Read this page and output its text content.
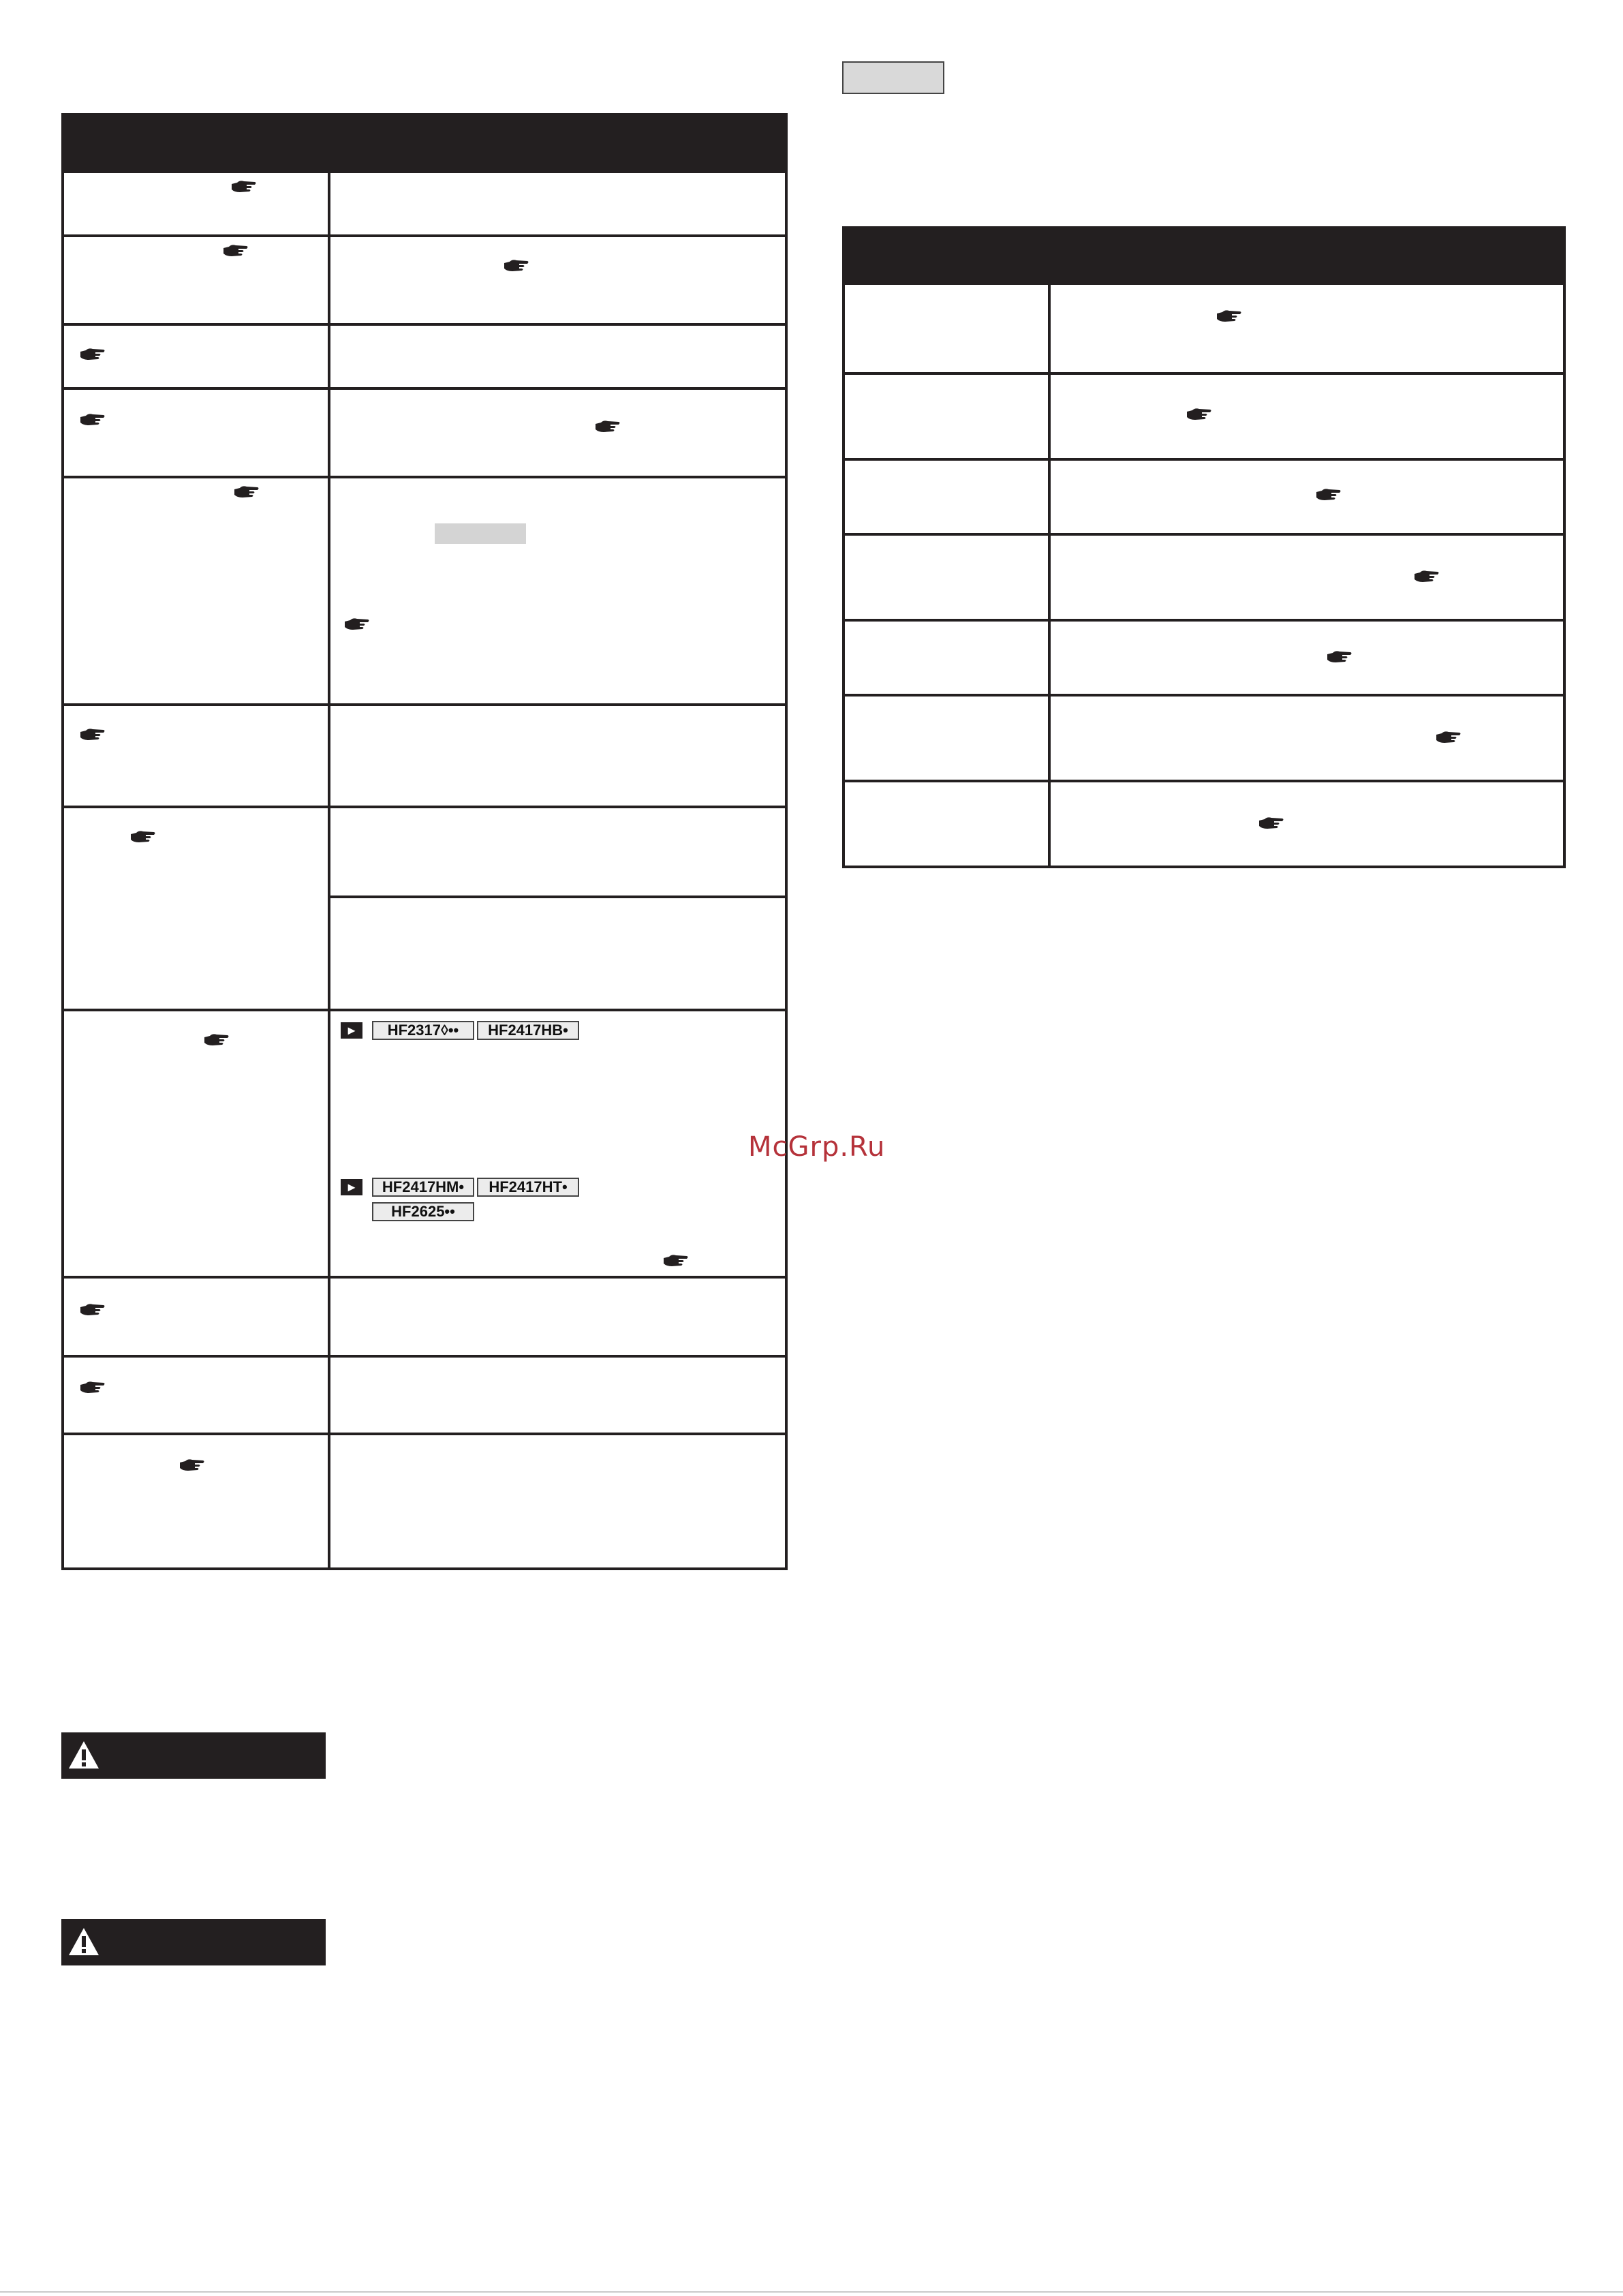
►	HF2317◊••	HF2417HB•
►	HF2417HM•	HF2417HT•
HF2625••
McGrp.Ru
